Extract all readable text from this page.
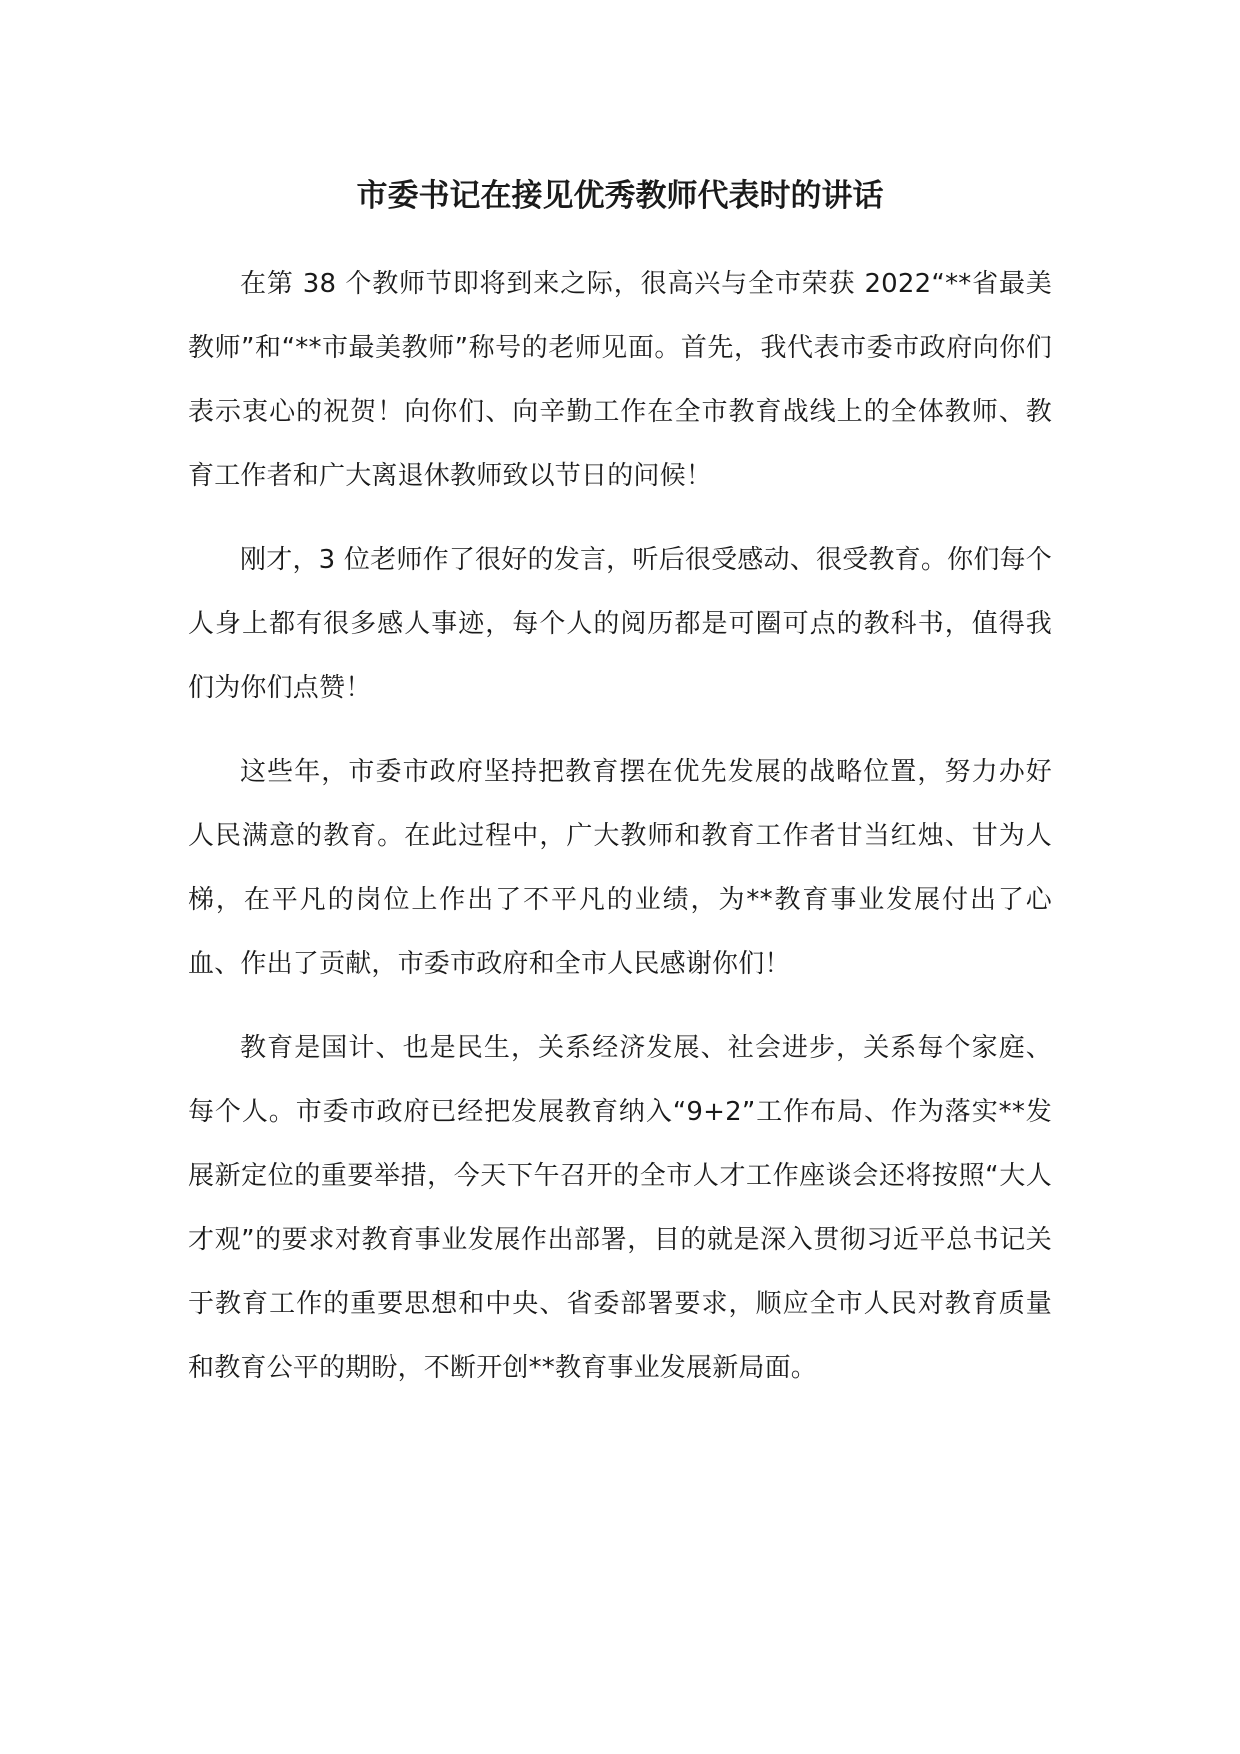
市委书记在接见优秀教师代表时的讲话

在第 38 个教师节即将到来之际，很高兴与全市荣获 2022“**省最美教师”和“**市最美教师”称号的老师见面。首先，我代表市委市政府向你们表示衷心的祝贺！向你们、向辛勤工作在全市教育战线上的全体教师、教育工作者和广大离退休教师致以节日的问候！

刚才，3 位老师作了很好的发言，听后很受感动、很受教育。你们每个人身上都有很多感人事迹，每个人的阅历都是可圈可点的教科书，值得我们为你们点赞！

这些年，市委市政府坚持把教育摆在优先发展的战略位置，努力办好人民满意的教育。在此过程中，广大教师和教育工作者甘当红烛、甘为人梯，在平凡的岗位上作出了不平凡的业绩，为**教育事业发展付出了心血、作出了贡献，市委市政府和全市人民感谢你们！

教育是国计、也是民生，关系经济发展、社会进步，关系每个家庭、每个人。市委市政府已经把发展教育纳入“9+2”工作布局、作为落实**发展新定位的重要举措，今天下午召开的全市人才工作座谈会还将按照“大人才观”的要求对教育事业发展作出部署，目的就是深入贯彻习近平总书记关于教育工作的重要思想和中央、省委部署要求，顺应全市人民对教育质量和教育公平的期盼，不断开创**教育事业发展新局面。
